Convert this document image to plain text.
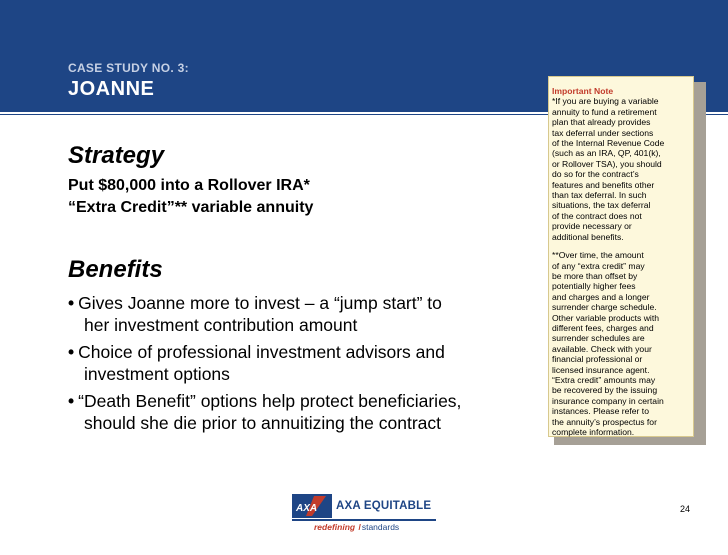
CASE STUDY NO. 3:
JOANNE
Strategy
Put $80,000 into a Rollover IRA*
“Extra Credit”** variable annuity
Benefits
• Gives Joanne more to invest – a “jump start” to
her investment contribution amount
• Choice of professional investment advisors and
investment options
• “Death Benefit” options help protect beneficiaries,
should she die prior to annuitizing the contract
Important Note
*If you are buying a variable
annuity to fund a retirement
plan that already provides
tax deferral under sections
of the Internal Revenue Code
(such as an IRA, QP, 401(k),
or Rollover TSA), you should
do so for the contract’s
features and benefits other
than tax deferral. In such
situations, the tax deferral
of the contract does not
provide necessary or
additional benefits.
**Over time, the amount
of any “extra credit” may
be more than offset by
potentially higher fees
and charges and a longer
surrender charge schedule.
Other variable products with
different fees, charges and
surrender schedules are
available. Check with your
financial professional or
licensed insurance agent.
“Extra credit” amounts may
be recovered by the issuing
insurance company in certain
instances. Please refer to
the annuity’s prospectus for
complete information.
AXA AXA EQUITABLE
redefining /standards
24
